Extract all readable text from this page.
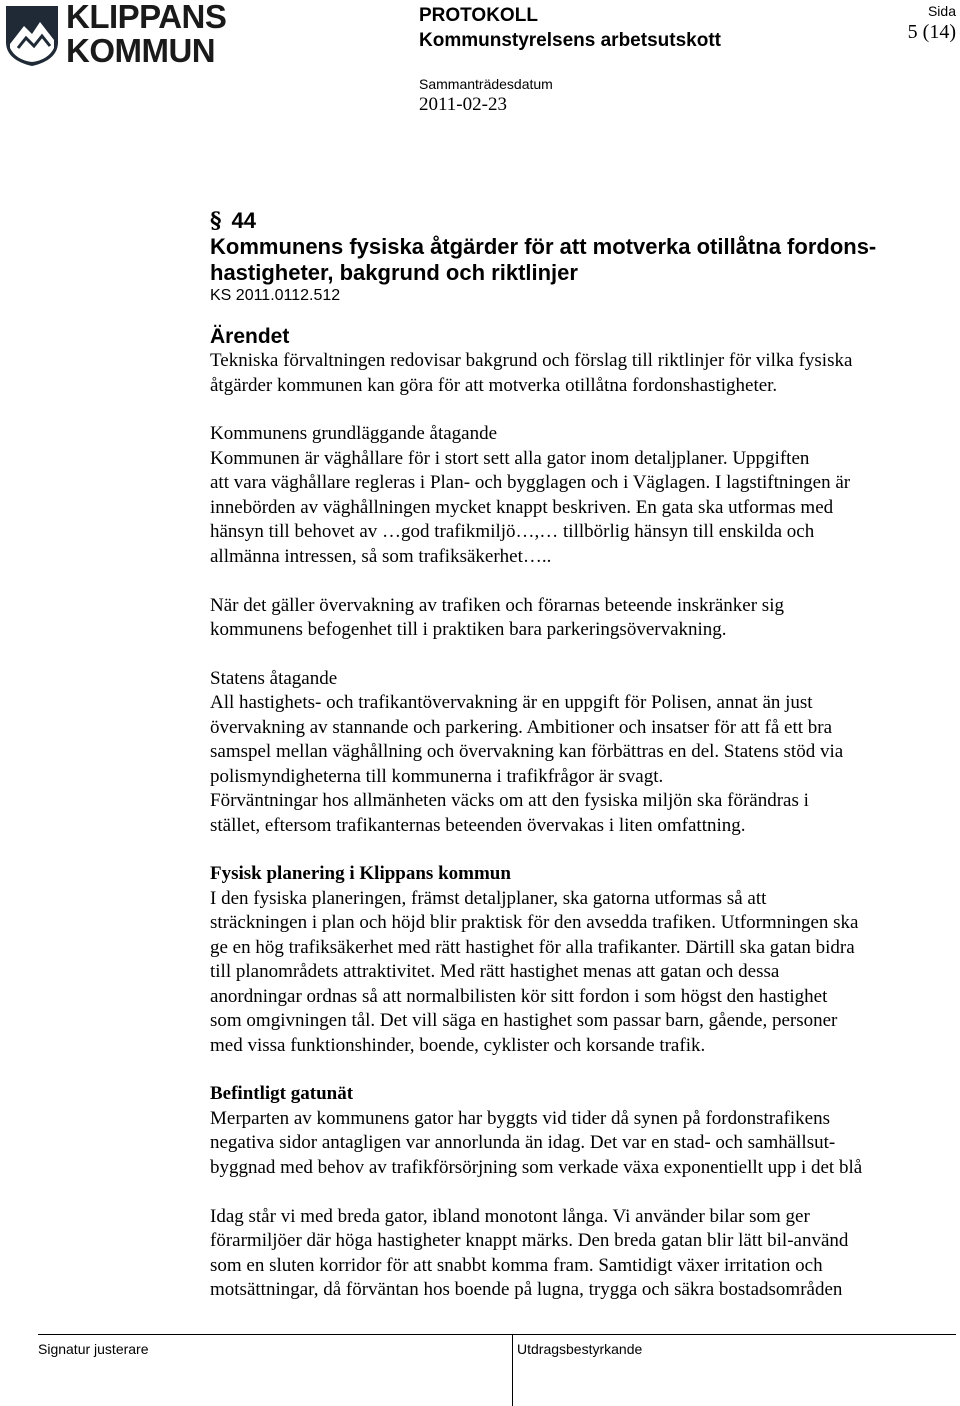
KLIPPANS
KOMMUN
PROTOKOLL
Kommunstyrelsens arbetsutskott
Sammanträdesdatum
2011-02-23
Sida
5 (14)
§ 44
Kommunens fysiska åtgärder för att motverka otillåtna fordons-
hastigheter, bakgrund och riktlinjer
KS 2011.0112.512
Ärendet
Tekniska förvaltningen redovisar bakgrund och förslag till riktlinjer för vilka fysiska
åtgärder kommunen kan göra för att motverka otillåtna fordonshastigheter.
Kommunens grundläggande åtagande
Kommunen är väghållare för i stort sett alla gator inom detaljplaner. Uppgiften
att vara väghållare regleras i Plan- och bygglagen och i Väglagen. I lagstiftningen är
innebörden av väghållningen mycket knappt beskriven. En gata ska utformas med
hänsyn till behovet av …god trafikmiljö…,… tillbörlig hänsyn till enskilda och
allmänna intressen, så som trafiksäkerhet…..
När det gäller övervakning av trafiken och förarnas beteende inskränker sig
kommunens befogenhet till i praktiken bara parkeringsövervakning.
Statens åtagande
All hastighets- och trafikantövervakning är en uppgift för Polisen, annat än just
övervakning av stannande och parkering. Ambitioner och insatser för att få ett bra
samspel mellan väghållning och övervakning kan förbättras en del. Statens stöd via
polismyndigheterna till kommunerna i trafikfrågor är svagt.
Förväntningar hos allmänheten väcks om att den fysiska miljön ska förändras i
stället, eftersom trafikanternas beteenden övervakas i liten omfattning.
Fysisk planering i Klippans kommun
I den fysiska planeringen, främst detaljplaner, ska gatorna utformas så att
sträckningen i plan och höjd blir praktisk för den avsedda trafiken. Utformningen ska
ge en hög trafiksäkerhet med rätt hastighet för alla trafikanter. Därtill ska gatan bidra
till planområdets attraktivitet. Med rätt hastighet menas att gatan och dessa
anordningar ordnas så att normalbilisten kör sitt fordon i som högst den hastighet
som omgivningen tål. Det vill säga en hastighet som passar barn, gående, personer
med vissa funktionshinder, boende, cyklister och korsande trafik.
Befintligt gatunät
Merparten av kommunens gator har byggts vid tider då synen på fordonstrafikens
negativa sidor antagligen var annorlunda än idag. Det var en stad- och samhällsut-
byggnad med behov av trafikförsörjning som verkade växa exponentiellt upp i det blå
Idag står vi med breda gator, ibland monotont långa. Vi använder bilar som ger
förarmiljöer där höga hastigheter knappt märks. Den breda gatan blir lätt bil-använd
som en sluten korridor för att snabbt komma fram. Samtidigt växer irritation och
motsättningar, då förväntan hos boende på lugna, trygga och säkra bostadsområden
Signatur justerare	Utdragsbestyrkande
